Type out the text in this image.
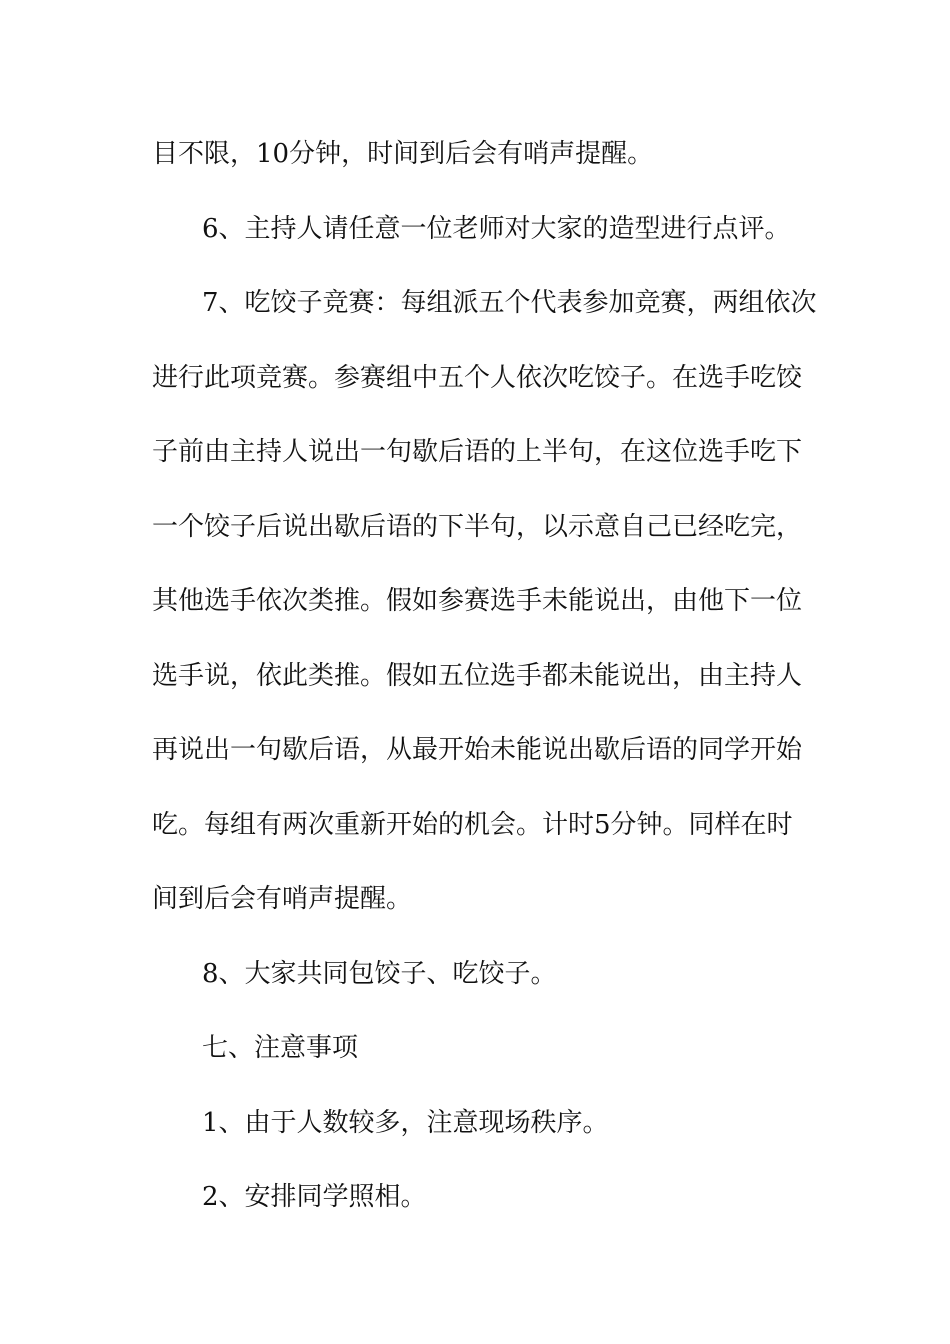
目不限，10分钟，时间到后会有哨声提醒。

6、主持人请任意一位老师对大家的造型进行点评。

7、吃饺子竞赛：每组派五个代表参加竞赛，两组依次

进行此项竞赛。参赛组中五个人依次吃饺子。在选手吃饺

子前由主持人说出一句歇后语的上半句，在这位选手吃下

一个饺子后说出歇后语的下半句，以示意自己已经吃完，

其他选手依次类推。假如参赛选手未能说出，由他下一位

选手说，依此类推。假如五位选手都未能说出，由主持人

再说出一句歇后语，从最开始未能说出歇后语的同学开始

吃。每组有两次重新开始的机会。计时5分钟。同样在时

间到后会有哨声提醒。

8、大家共同包饺子、吃饺子。

七、注意事项

1、由于人数较多，注意现场秩序。

2、安排同学照相。
